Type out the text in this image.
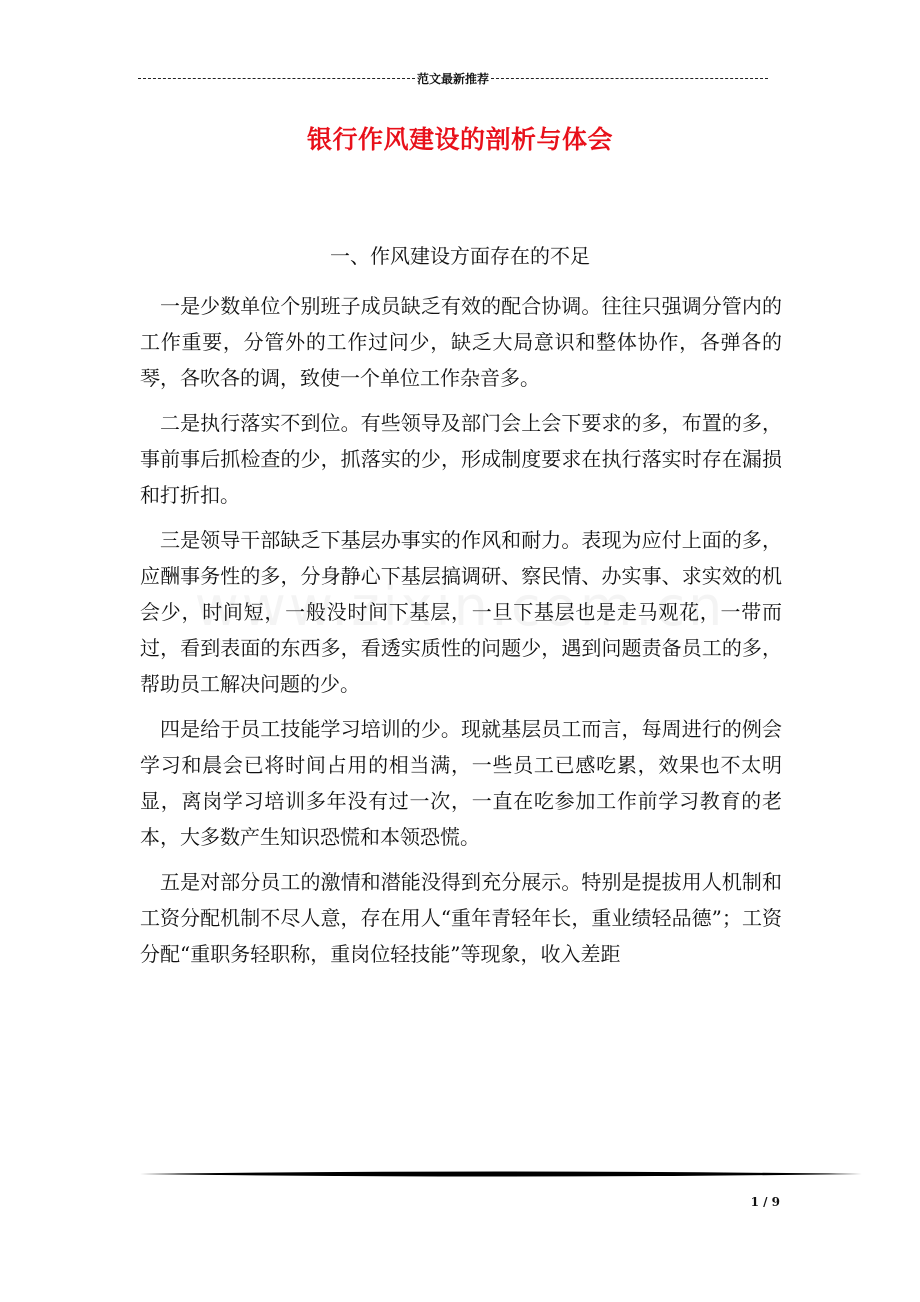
范文最新推荐
银行作风建设的剖析与体会
一、作风建设方面存在的不足

一是少数单位个别班子成员缺乏有效的配合协调。往往只强调分管内的工作重要，分管外的工作过问少，缺乏大局意识和整体协作，各弹各的琴，各吹各的调，致使一个单位工作杂音多。

二是执行落实不到位。有些领导及部门会上会下要求的多，布置的多，事前事后抓检查的少，抓落实的少，形成制度要求在执行落实时存在漏损和打折扣。

三是领导干部缺乏下基层办事实的作风和耐力。表现为应付上面的多，应酬事务性的多，分身静心下基层搞调研、察民情、办实事、求实效的机会少，时间短，一般没时间下基层，一旦下基层也是走马观花，一带而过，看到表面的东西多，看透实质性的问题少，遇到问题责备员工的多，帮助员工解决问题的少。

四是给于员工技能学习培训的少。现就基层员工而言，每周进行的例会学习和晨会已将时间占用的相当满，一些员工已感吃累，效果也不太明显，离岗学习培训多年没有过一次，一直在吃参加工作前学习教育的老本，大多数产生知识恐慌和本领恐慌。

五是对部分员工的激情和潜能没得到充分展示。特别是提拔用人机制和工资分配机制不尽人意，存在用人“重年青轻年长，重业绩轻品德”；工资分配“重职务轻职称，重岗位轻技能”等现象，收入差距

1 / 9
